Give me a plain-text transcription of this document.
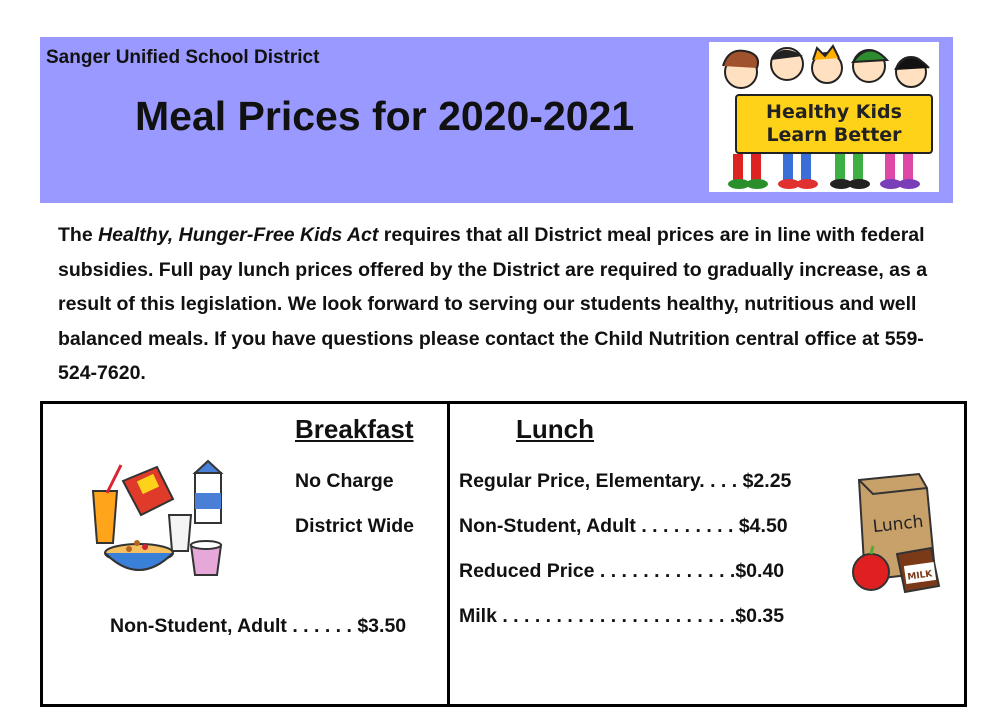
Sanger Unified School District
Meal Prices for 2020-2021	Healthy Kids
Learn Better
The Healthy, Hunger-Free Kids Act requires that all District meal prices are in line with federal subsidies. Full pay lunch prices offered by the District are required to gradually increase, as a result of this legislation. We look forward to serving our students healthy, nutritious and well balanced meals. If you have questions please contact the Child Nutrition central office at 559-524-7620.
Breakfast
No Charge
District Wide
Non-Student, Adult . . . . . . $3.50
Lunch
Regular Price, Elementary. . . . $2.25
Non-Student, Adult . . . . . . . . . $4.50
Reduced Price . . . . . . . . . . . . .$0.40
Milk . . . . . . . . . . . . . . . . . . . . . .$0.35
Lunch
MILK
